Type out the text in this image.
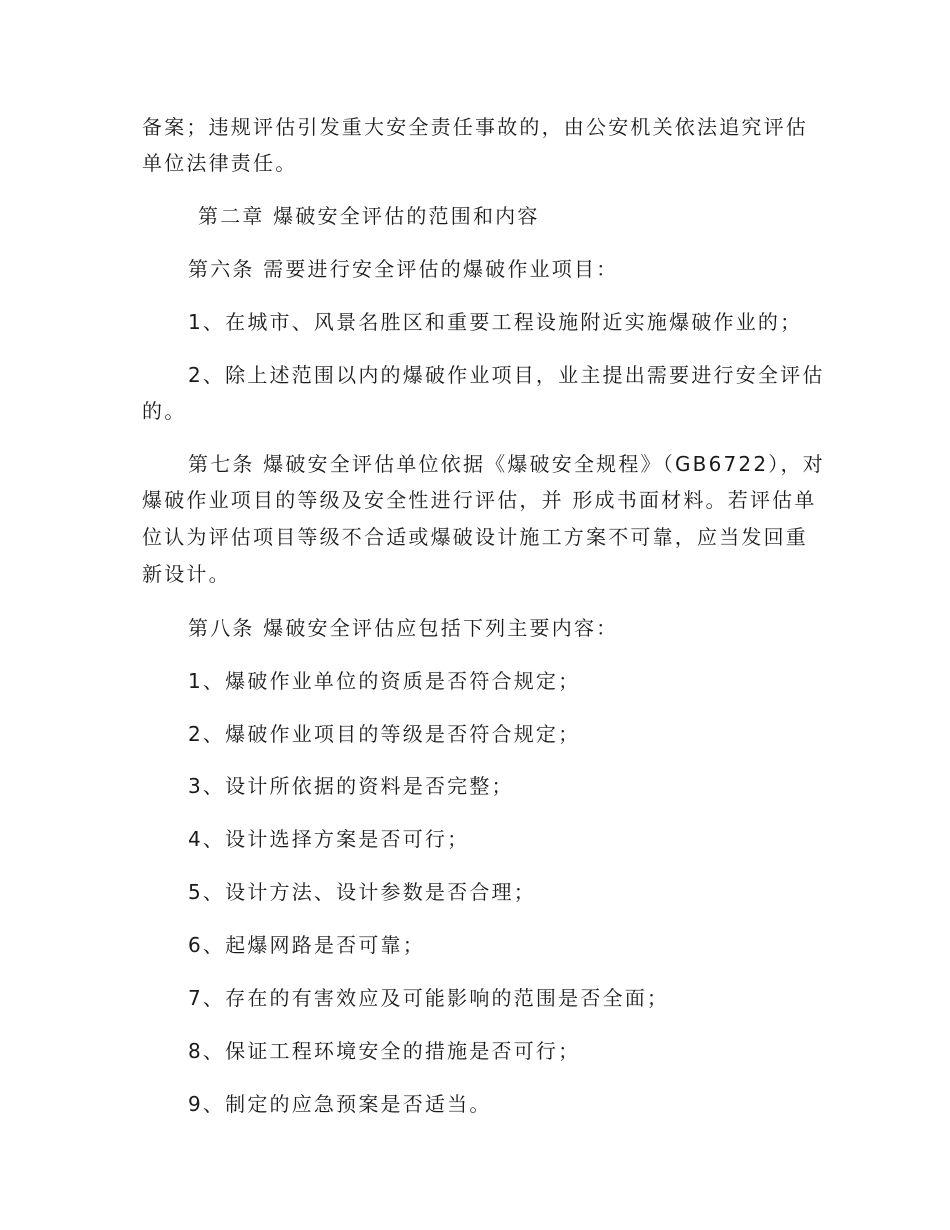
备案；违规评估引发重大安全责任事故的，由公安机关依法追究评估
单位法律责任。
第二章 爆破安全评估的范围和内容
第六条 需要进行安全评估的爆破作业项目：
1、在城市、风景名胜区和重要工程设施附近实施爆破作业的；
2、除上述范围以内的爆破作业项目，业主提出需要进行安全评估
的。
第七条 爆破安全评估单位依据《爆破安全规程》（GB6722），对
爆破作业项目的等级及安全性进行评估，并 形成书面材料。若评估单
位认为评估项目等级不合适或爆破设计施工方案不可靠，应当发回重
新设计。
第八条 爆破安全评估应包括下列主要内容：
1、爆破作业单位的资质是否符合规定；
2、爆破作业项目的等级是否符合规定；
3、设计所依据的资料是否完整；
4、设计选择方案是否可行；
5、设计方法、设计参数是否合理；
6、起爆网路是否可靠；
7、存在的有害效应及可能影响的范围是否全面；
8、保证工程环境安全的措施是否可行；
9、制定的应急预案是否适当。
